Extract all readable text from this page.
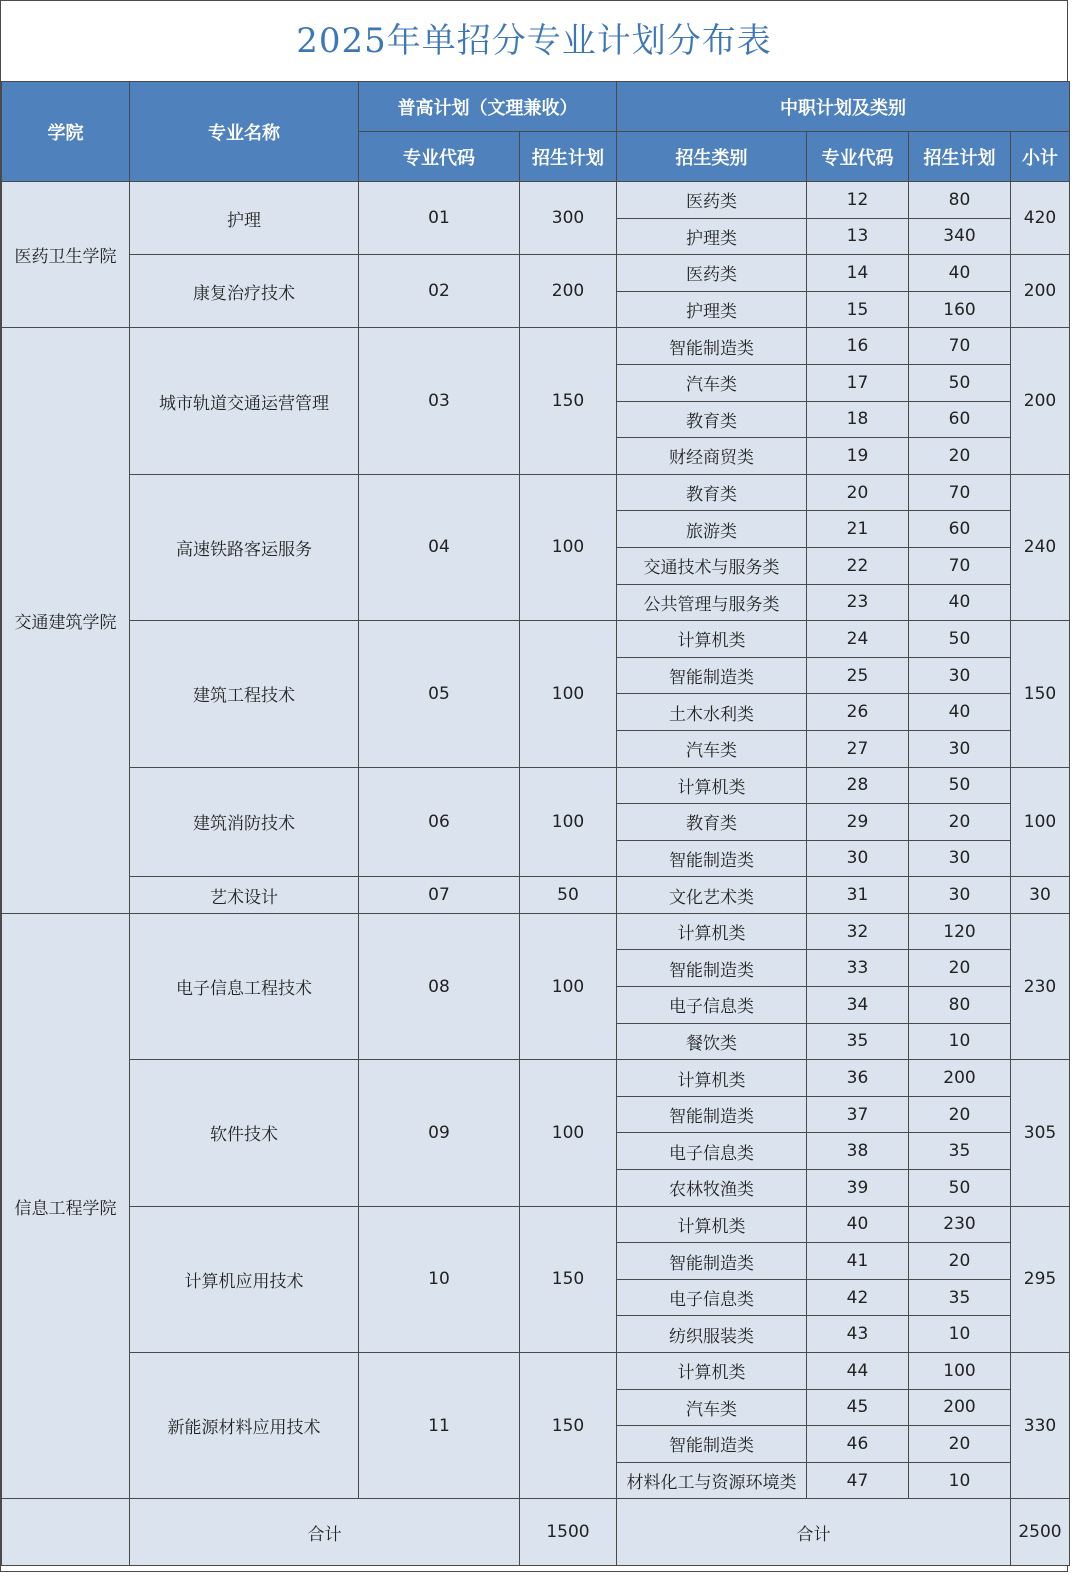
2025年单招分专业计划分布表
学院	专业名称	普高计划（文理兼收）		中职计划及类别			
		专业代码	招生计划	招生类别	专业代码	招生计划	小计
医药卫生学院	护理	01	300	医药类	12	80	420
				护理类	13	340	
	康复治疗技术	02	200	医药类	14	40	200
				护理类	15	160	
交通建筑学院	城市轨道交通运营管理	03	150	智能制造类	16	70	200
				汽车类	17	50	
				教育类	18	60	
				财经商贸类	19	20	
	高速铁路客运服务	04	100	教育类	20	70	240
				旅游类	21	60	
				交通技术与服务类	22	70	
				公共管理与服务类	23	40	
	建筑工程技术	05	100	计算机类	24	50	150
				智能制造类	25	30	
				土木水利类	26	40	
				汽车类	27	30	
	建筑消防技术	06	100	计算机类	28	50	100
				教育类	29	20	
				智能制造类	30	30	
	艺术设计	07	50	文化艺术类	31	30	30
信息工程学院	电子信息工程技术	08	100	计算机类	32	120	230
				智能制造类	33	20	
				电子信息类	34	80	
				餐饮类	35	10	
	软件技术	09	100	计算机类	36	200	305
				智能制造类	37	20	
				电子信息类	38	35	
				农林牧渔类	39	50	
	计算机应用技术	10	150	计算机类	40	230	295
				智能制造类	41	20	
				电子信息类	42	35	
				纺织服装类	43	10	
	新能源材料应用技术	11	150	计算机类	44	100	330
				汽车类	45	200	
				智能制造类	46	20	
				材料化工与资源环境类	47	10	
	合计		1500	合计			2500
